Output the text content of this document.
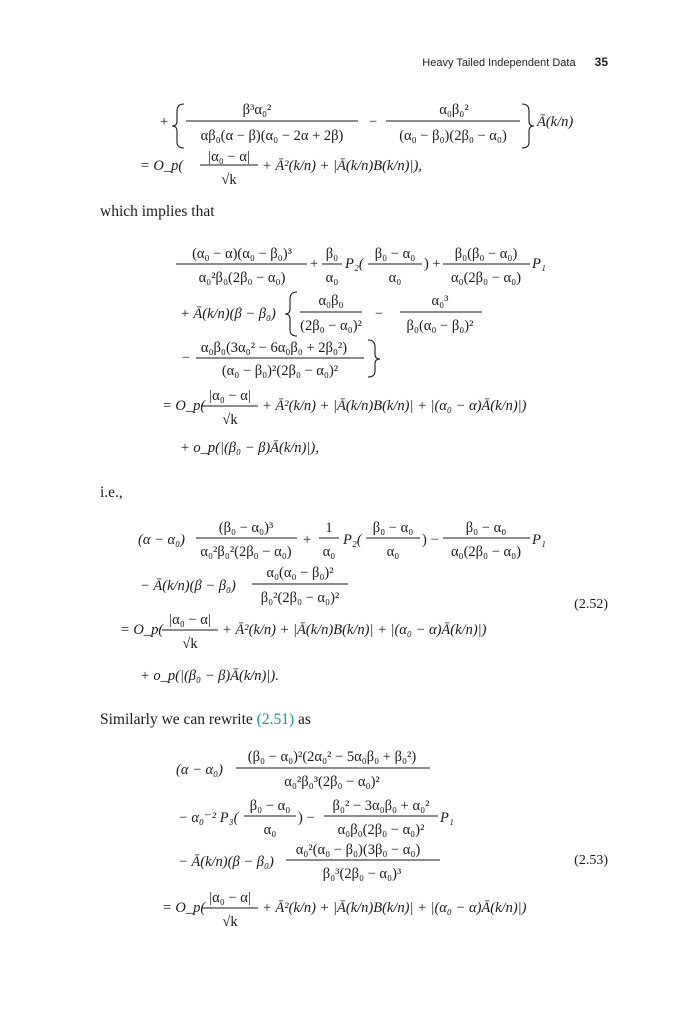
Heavy Tailed Independent Data 35
+
β³α₀²
αβ₀(α − β)(α₀ − 2α + 2β)
−
α₀β₀²
(α₀ − β₀)(2β₀ − α₀)
Ā(k/n)
= O_p(
|α₀ − α|
√k
+ Ā²(k/n) + |Ā(k/n)B(k/n)|),
(α₀ − α)(α₀ − β₀)³
α₀²β₀(2β₀ − α₀)
+
β₀
α₀
P₂(
β₀ − α₀
α₀
) +
β₀(β₀ − α₀)
α₀(2β₀ − α₀)
P₁
+ Ā(k/n)(β − β₀)
α₀β₀
(2β₀ − α₀)²
−
α₀³
β₀(α₀ − β₀)²
−
α₀β₀(3α₀² − 6α₀β₀ + 2β₀²)
(α₀ − β₀)²(2β₀ − α₀)²
= O_p(
|α₀ − α|
√k
+ Ā²(k/n) + |Ā(k/n)B(k/n)| + |(α₀ − α)Ā(k/n)|)
+ o_p(|(β₀ − β)Ā(k/n)|),
(α − α₀)
(β₀ − α₀)³
α₀²β₀²(2β₀ − α₀)
+
1
α₀
P₂(
β₀ − α₀
α₀
) −
β₀ − α₀
α₀(2β₀ − α₀)
P₁
− Ā(k/n)(β − β₀)
α₀(α₀ − β₀)²
β₀²(2β₀ − α₀)²
= O_p(
|α₀ − α|
√k
+ Ā²(k/n) + |Ā(k/n)B(k/n)| + |(α₀ − α)Ā(k/n)|)
+ o_p(|(β₀ − β)Ā(k/n)|).
(α − α₀)
(β₀ − α₀)²(2α₀² − 5α₀β₀ + β₀²)
α₀²β₀³(2β₀ − α₀)²
− α₀⁻² P₃(
β₀ − α₀
α₀
) −
β₀² − 3α₀β₀ + α₀²
α₀β₀(2β₀ − α₀)²
P₁
− Ā(k/n)(β − β₀)
α₀²(α₀ − β₀)(3β₀ − α₀)
β₀³(2β₀ − α₀)³
= O_p(
|α₀ − α|
√k
+ Ā²(k/n) + |Ā(k/n)B(k/n)| + |(α₀ − α)Ā(k/n)|)
which implies that
i.e.,
Similarly we can rewrite (2.51) as
(2.52)
(2.53)
